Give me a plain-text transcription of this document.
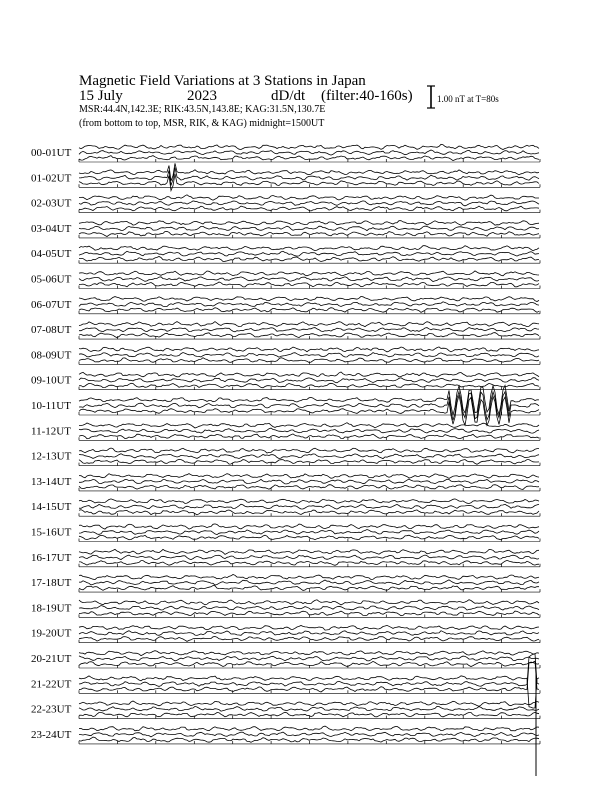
Magnetic Field Variations at 3 Stations in Japan
15 July	2023	dD/dt (filter:40-160s)
MSR:44.4N,142.3E; RIK:43.5N,143.8E; KAG:31.5N,130.7E
(from bottom to top, MSR, RIK, & KAG) midnight=1500UT
1.00 nT at T=80s
00-01UT
01-02UT
02-03UT
03-04UT
04-05UT
05-06UT
06-07UT
07-08UT
08-09UT
09-10UT
10-11UT
11-12UT
12-13UT
13-14UT
14-15UT
15-16UT
16-17UT
17-18UT
18-19UT
19-20UT
20-21UT
21-22UT
22-23UT
23-24UT
